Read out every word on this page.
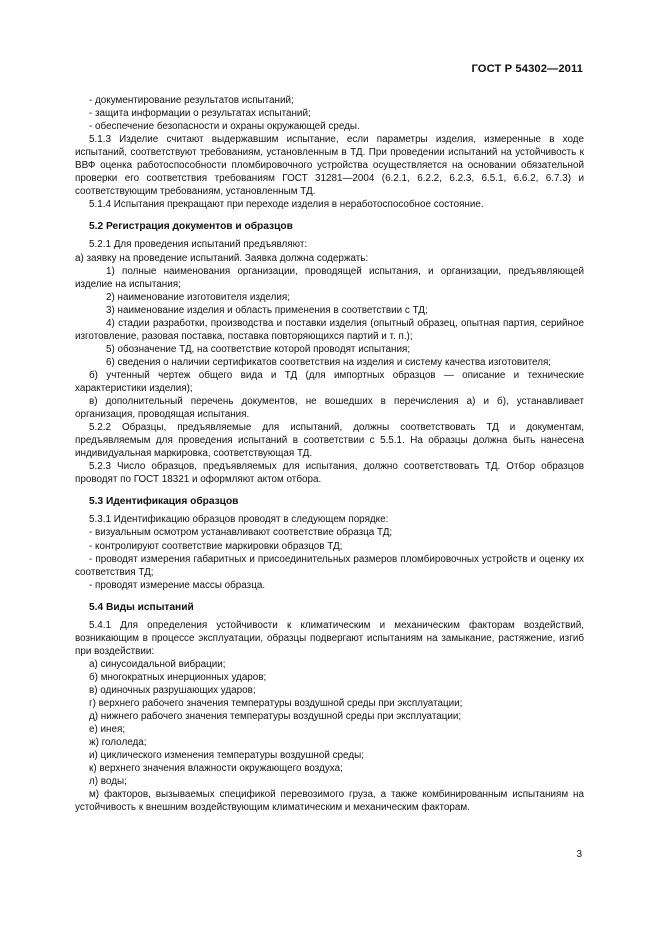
ГОСТ Р 54302—2011

- документирование результатов испытаний;

- защита информации о результатах испытаний;

- обеспечение безопасности и охраны окружающей среды.

5.1.3 Изделие считают выдержавшим испытание, если параметры изделия, измеренные в ходе испытаний, соответствуют требованиям, установленным в ТД. При проведении испытаний на устойчивость к ВВФ оценка работоспособности пломбировочного устройства осуществляется на основании обязательной проверки его соответствия требованиям ГОСТ 31281—2004 (6.2.1, 6.2.2, 6.2.3, 6.5.1, 6.6.2, 6.7.3) и соответствующим требованиям, установленным ТД.

5.1.4 Испытания прекращают при переходе изделия в неработоспособное состояние.

5.2 Регистрация документов и образцов

5.2.1 Для проведения испытаний предъявляют:

а) заявку на проведение испытаний. Заявка должна содержать:

1) полные наименования организации, проводящей испытания, и организации, предъявляющей изделие на испытания;

2) наименование изготовителя изделия;

3) наименование изделия и область применения в соответствии с ТД;

4) стадии разработки, производства и поставки изделия (опытный образец, опытная партия, серийное изготовление, разовая поставка, поставка повторяющихся партий и т. п.);

5) обозначение ТД, на соответствие которой проводят испытания;

6) сведения о наличии сертификатов соответствия на изделия и систему качества изготовителя;

б) учтенный чертеж общего вида и ТД (для импортных образцов — описание и технические характеристики изделия);

в) дополнительный перечень документов, не вошедших в перечисления а) и б), устанавливает организация, проводящая испытания.

5.2.2 Образцы, предъявляемые для испытаний, должны соответствовать ТД и документам, предъявляемым для проведения испытаний в соответствии с 5.5.1. На образцы должна быть нанесена индивидуальная маркировка, соответствующая ТД.

5.2.3 Число образцов, предъявляемых для испытания, должно соответствовать ТД. Отбор образцов проводят по ГОСТ 18321 и оформляют актом отбора.

5.3 Идентификация образцов

5.3.1 Идентификацию образцов проводят в следующем порядке:

- визуальным осмотром устанавливают соответствие образца ТД;

- контролируют соответствие маркировки образцов ТД;

- проводят измерения габаритных и присоединительных размеров пломбировочных устройств и оценку их соответствия ТД;

- проводят измерение массы образца.

5.4 Виды испытаний

5.4.1 Для определения устойчивости к климатическим и механическим факторам воздействий, возникающим в процессе эксплуатации, образцы подвергают испытаниям на замыкание, растяжение, изгиб при воздействии:

а) синусоидальной вибрации;

б) многократных инерционных ударов;

в) одиночных разрушающих ударов;

г) верхнего рабочего значения температуры воздушной среды при эксплуатации;

д) нижнего рабочего значения температуры воздушной среды при эксплуатации;

е) инея;

ж) гололеда;

и) циклического изменения температуры воздушной среды;

к) верхнего значения влажности окружающего воздуха;

л) воды;

м) факторов, вызываемых спецификой перевозимого груза, а также комбинированным испытаниям на устойчивость к внешним воздействующим климатическим и механическим факторам.

3
